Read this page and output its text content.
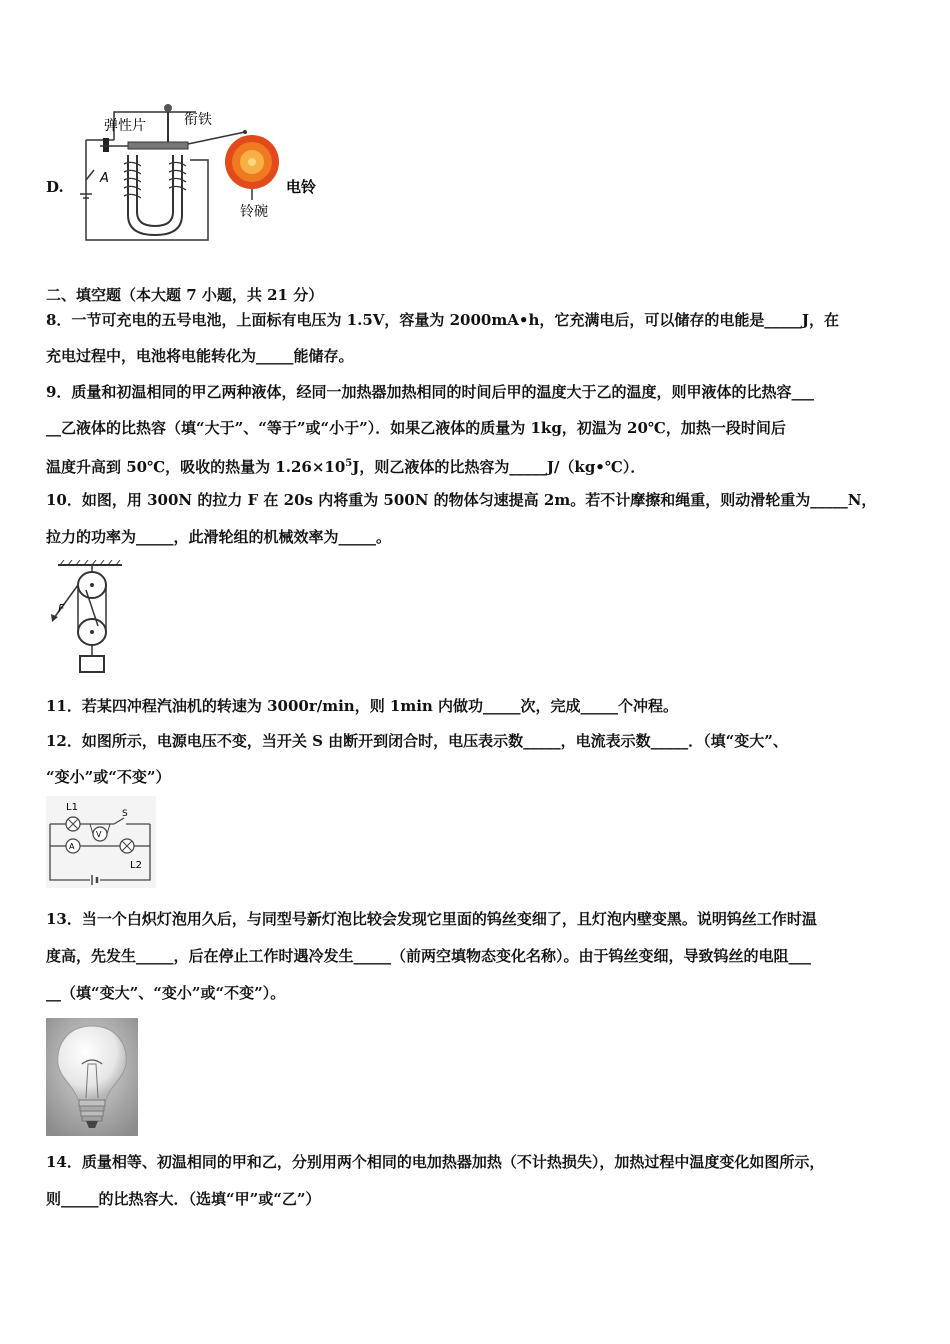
D.
弹性片	衔铁
A	电铃
铃碗
二、填空题（本大题 7 小题，共 21 分）
8．一节可充电的五号电池，上面标有电压为 1.5V，容量为 2000mA•h，它充满电后，可以储存的电能是_____J，在
充电过程中，电池将电能转化为_____能储存。
9．质量和初温相同的甲乙两种液体，经同一加热器加热相同的时间后甲的温度大于乙的温度，则甲液体的比热容___
__乙液体的比热容（填“大于”、“等于”或“小于”）．如果乙液体的质量为 1kg，初温为 20℃，加热一段时间后
温度升高到 50℃，吸收的热量为 $1.26\times 10^5J$，则乙液体的比热容为_____J/（kg•℃）．
10．如图，用 300N 的拉力 F 在 20s 内将重为 500N 的物体匀速提高 2m。若不计摩擦和绳重，则动滑轮重为_____N，
拉力的功率为_____，此滑轮组的机械效率为_____。
F
11．若某四冲程汽油机的转速为 3000r/min，则 1min 内做功_____次，完成_____个冲程。
12．如图所示，电源电压不变，当开关 S 由断开到闭合时，电压表示数_____，电流表示数_____．（填“变大”、
“变小”或“不变”）
L1
L2
V
A
S
13．当一个白炽灯泡用久后，与同型号新灯泡比较会发现它里面的钨丝变细了，且灯泡内壁变黑。说明钨丝工作时温
度高，先发生_____，后在停止工作时遇冷发生_____（前两空填物态变化名称）。由于钨丝变细，导致钨丝的电阻___
__（填“变大”、“变小”或“不变”）。
14．质量相等、初温相同的甲和乙，分别用两个相同的电加热器加热（不计热损失），加热过程中温度变化如图所示，
则_____的比热容大．（选填“甲”或“乙”）
